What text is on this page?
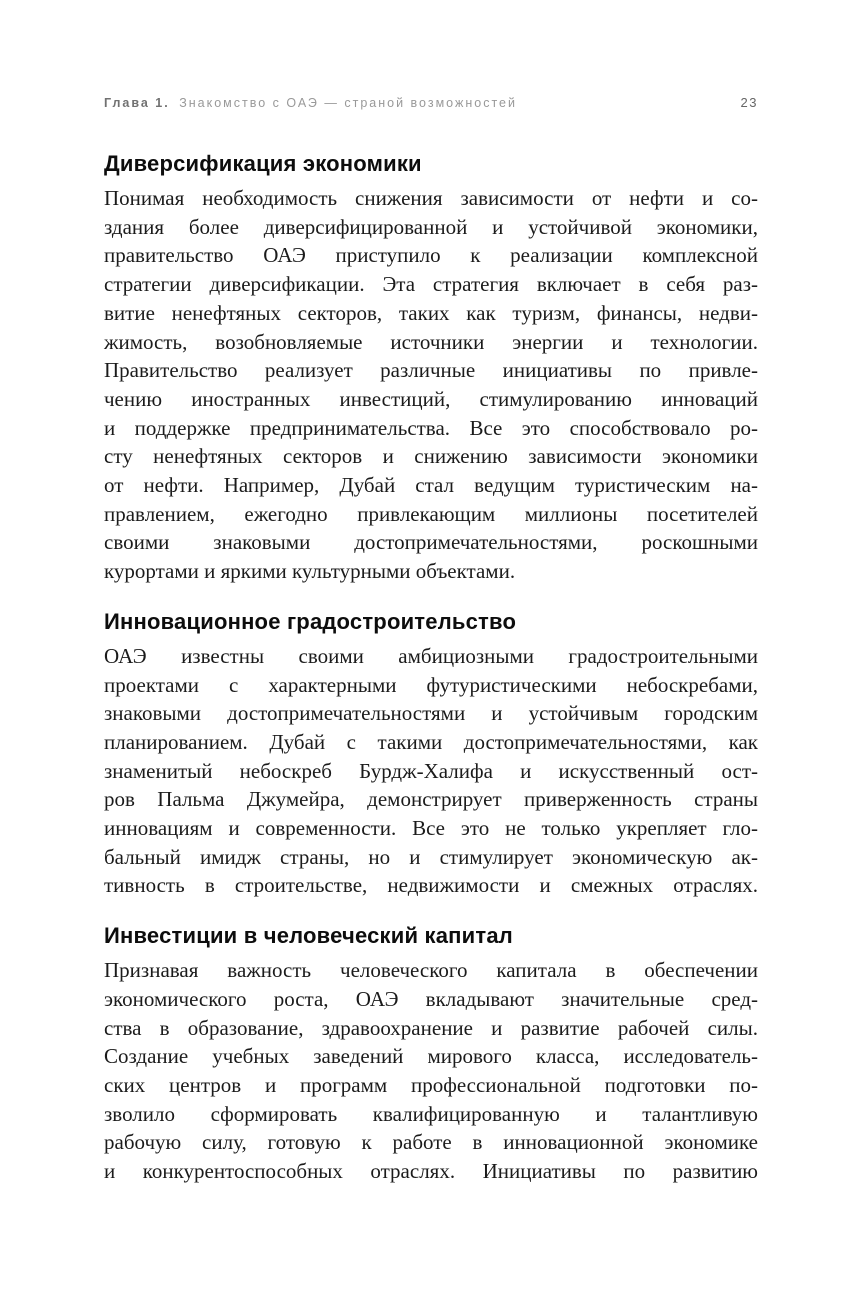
Глава 1. Знакомство с ОАЭ — страной возможностей	23
Диверсификация экономики
Понимая необходимость снижения зависимости от нефти и со-
здания более диверсифицированной и устойчивой экономики,
правительство ОАЭ приступило к реализации комплексной
стратегии диверсификации. Эта стратегия включает в себя раз-
витие ненефтяных секторов, таких как туризм, финансы, недви-
жимость, возобновляемые источники энергии и технологии.
Правительство реализует различные инициативы по привле-
чению иностранных инвестиций, стимулированию инноваций
и поддержке предпринимательства. Все это способствовало ро-
сту ненефтяных секторов и снижению зависимости экономики
от нефти. Например, Дубай стал ведущим туристическим на-
правлением, ежегодно привлекающим миллионы посетителей
своими знаковыми достопримечательностями, роскошными
курортами и яркими культурными объектами.
Инновационное градостроительство
ОАЭ известны своими амбициозными градостроительными
проектами с характерными футуристическими небоскребами,
знаковыми достопримечательностями и устойчивым городским
планированием. Дубай с такими достопримечательностями, как
знаменитый небоскреб Бурдж-Халифа и искусственный ост-
ров Пальма Джумейра, демонстрирует приверженность страны
инновациям и современности. Все это не только укрепляет гло-
бальный имидж страны, но и стимулирует экономическую ак-
тивность в строительстве, недвижимости и смежных отраслях.
Инвестиции в человеческий капитал
Признавая важность человеческого капитала в обеспечении
экономического роста, ОАЭ вкладывают значительные сред-
ства в образование, здравоохранение и развитие рабочей силы.
Создание учебных заведений мирового класса, исследователь-
ских центров и программ профессиональной подготовки по-
зволило сформировать квалифицированную и талантливую
рабочую силу, готовую к работе в инновационной экономике
и конкурентоспособных отраслях. Инициативы по развитию
